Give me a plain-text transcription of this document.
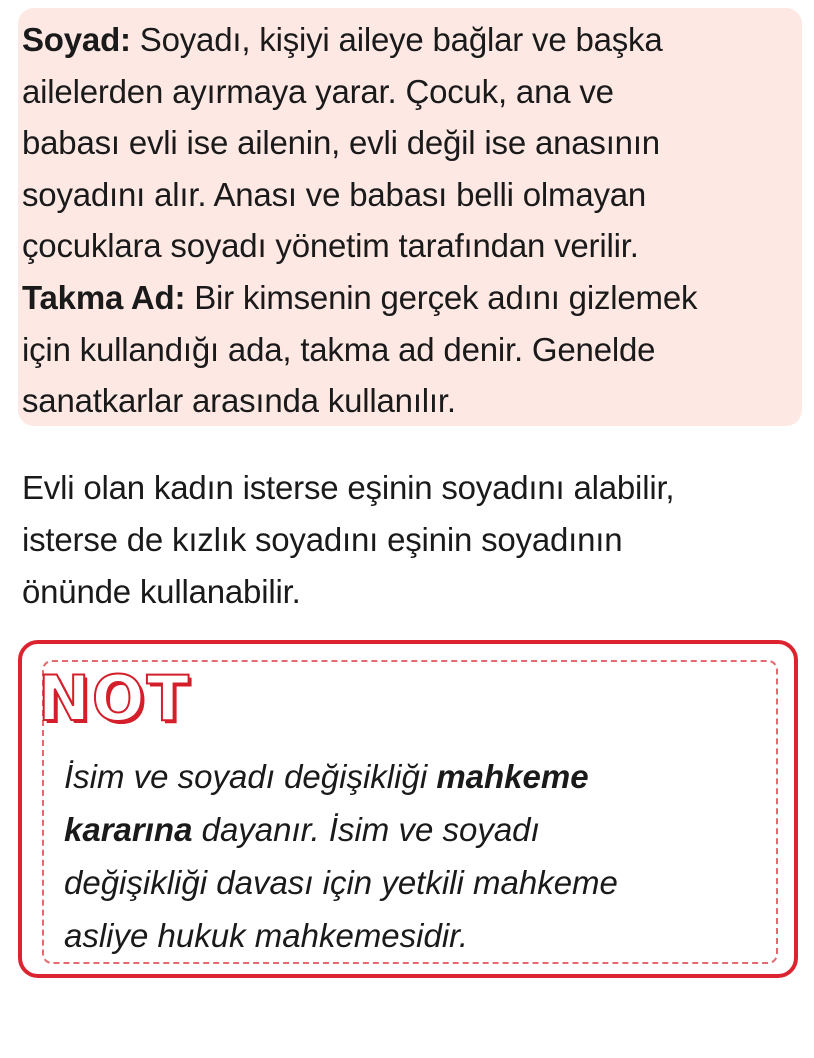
Soyad: Soyadı, kişiyi aileye bağlar ve başka
ailelerden ayırmaya yarar. Çocuk, ana ve
babası evli ise ailenin, evli değil ise anasının
soyadını alır. Anası ve babası belli olmayan
çocuklara soyadı yönetim tarafından verilir.

Takma Ad: Bir kimsenin gerçek adını gizlemek
için kullandığı ada, takma ad denir. Genelde
sanatkarlar arasında kullanılır.

Evli olan kadın isterse eşinin soyadını alabilir,
isterse de kızlık soyadını eşinin soyadının
önünde kullanabilir.

NOT

İsim ve soyadı değişikliği mahkeme
kararına dayanır. İsim ve soyadı
değişikliği davası için yetkili mahkeme
asliye hukuk mahkemesidir.
